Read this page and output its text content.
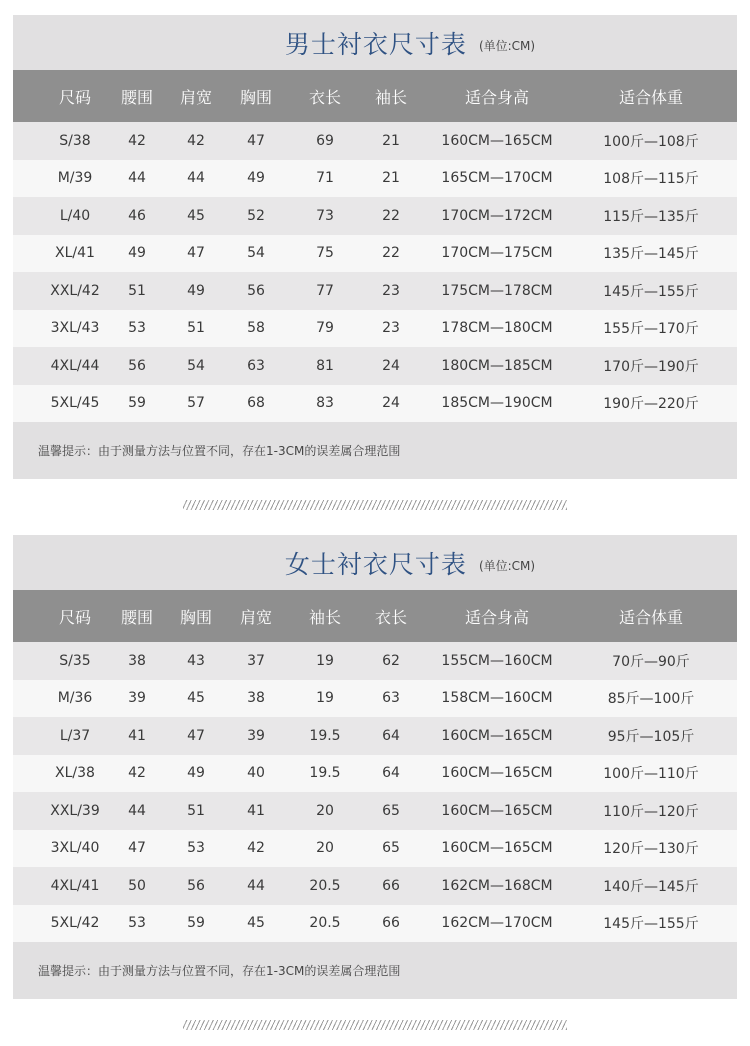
男士衬衣尺寸表 (单位:CM)
尺码	腰围	肩宽	胸围	衣长	袖长	适合身高	适合体重
S/38	42	42	47	69	21	160CM—165CM	100斤—108斤
M/39	44	44	49	71	21	165CM—170CM	108斤—115斤
L/40	46	45	52	73	22	170CM—172CM	115斤—135斤
XL/41	49	47	54	75	22	170CM—175CM	135斤—145斤
XXL/42	51	49	56	77	23	175CM—178CM	145斤—155斤
3XL/43	53	51	58	79	23	178CM—180CM	155斤—170斤
4XL/44	56	54	63	81	24	180CM—185CM	170斤—190斤
5XL/45	59	57	68	83	24	185CM—190CM	190斤—220斤
温馨提示：由于测量方法与位置不同，存在1-3CM的误差属合理范围
女士衬衣尺寸表 (单位:CM)
尺码	腰围	胸围	肩宽	袖长	衣长	适合身高	适合体重
S/35	38	43	37	19	62	155CM—160CM	70斤—90斤
M/36	39	45	38	19	63	158CM—160CM	85斤—100斤
L/37	41	47	39	19.5	64	160CM—165CM	95斤—105斤
XL/38	42	49	40	19.5	64	160CM—165CM	100斤—110斤
XXL/39	44	51	41	20	65	160CM—165CM	110斤—120斤
3XL/40	47	53	42	20	65	160CM—165CM	120斤—130斤
4XL/41	50	56	44	20.5	66	162CM—168CM	140斤—145斤
5XL/42	53	59	45	20.5	66	162CM—170CM	145斤—155斤
温馨提示：由于测量方法与位置不同，存在1-3CM的误差属合理范围
